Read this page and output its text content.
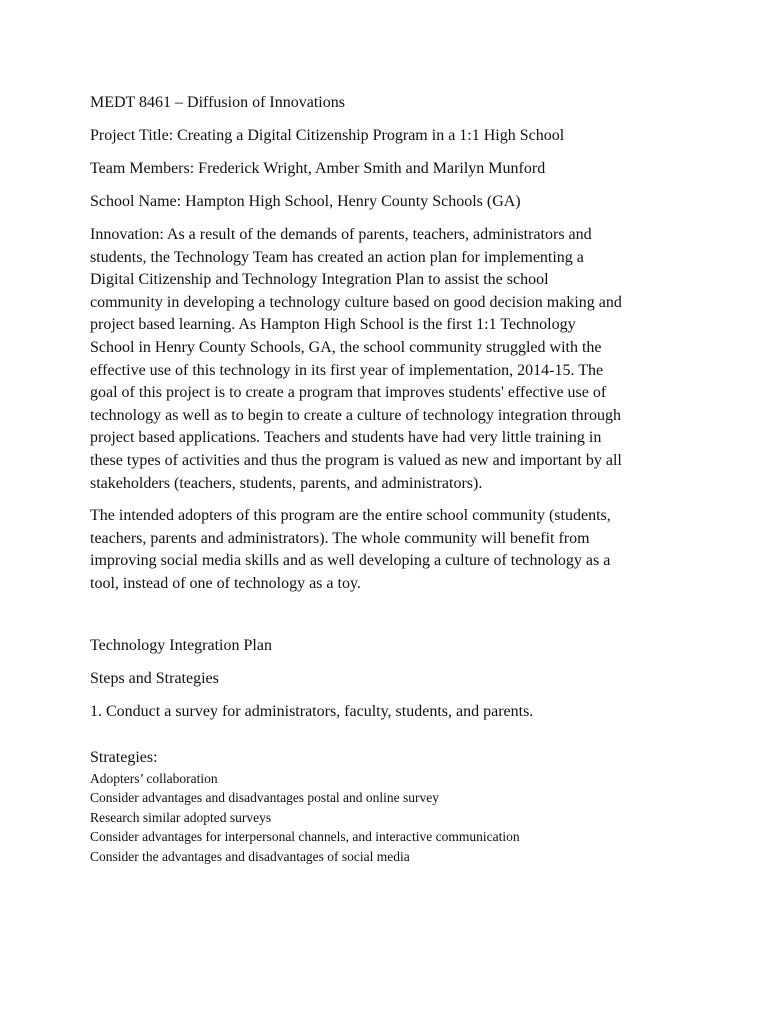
MEDT 8461 – Diffusion of Innovations
Project Title: Creating a Digital Citizenship Program in a 1:1 High School
Team Members: Frederick Wright, Amber Smith and Marilyn Munford
School Name: Hampton High School, Henry County Schools (GA)
Innovation: As a result of the demands of parents, teachers, administrators and
students, the Technology Team has created an action plan for implementing a
Digital Citizenship and Technology Integration Plan to assist the school
community in developing a technology culture based on good decision making and
project based learning. As Hampton High School is the first 1:1 Technology
School in Henry County Schools, GA, the school community struggled with the
effective use of this technology in its first year of implementation, 2014-15. The
goal of this project is to create a program that improves students' effective use of
technology as well as to begin to create a culture of technology integration through
project based applications. Teachers and students have had very little training in
these types of activities and thus the program is valued as new and important by all
stakeholders (teachers, students, parents, and administrators).
The intended adopters of this program are the entire school community (students,
teachers, parents and administrators). The whole community will benefit from
improving social media skills and as well developing a culture of technology as a
tool, instead of one of technology as a toy.
Technology Integration Plan
Steps and Strategies
1. Conduct a survey for administrators, faculty, students, and parents.
Strategies:
Adopters’ collaboration
Consider advantages and disadvantages postal and online survey
Research similar adopted surveys
Consider advantages for interpersonal channels, and interactive communication
Consider the advantages and disadvantages of social media
